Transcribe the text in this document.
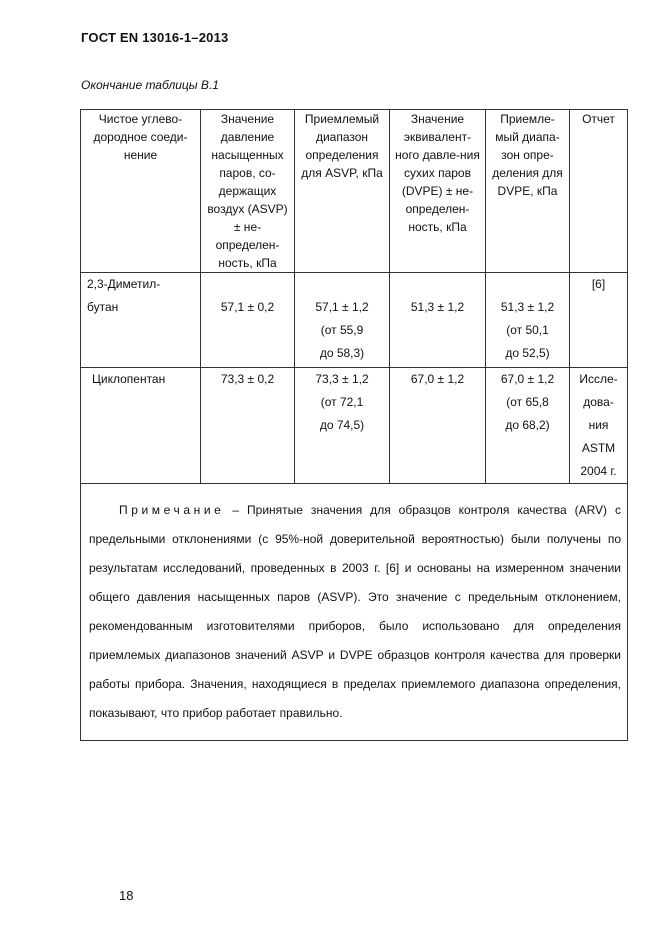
ГОСТ EN 13016-1–2013
Окончание таблицы В.1
Чистое углево-дородное соеди-нение	Значение давление насыщенных паров, со-держащих воздух (ASVP) ± не-определен-ность, кПа	Приемлемый диапазон определения для ASVP, кПа	Значение эквивалент-ного давле-ния сухих паров (DVPE) ± не-определен-ность, кПа	Приемле-мый диапа-зон опре-деления для DVPE, кПа	Отчет

2,3-Диметил-
бутан	57,1 ± 0,2	57,1 ± 1,2
(от 55,9
до 58,3)	51,3 ± 1,2	51,3 ± 1,2
(от 50,1
до 52,5)	[6]

Циклопентан	73,3 ± 0,2	73,3 ± 1,2
(от 72,1
до 74,5)	67,0 ± 1,2	67,0 ± 1,2
(от 65,8
до 68,2)	Иссле-
дова-
ния
ASTM
2004 г.

Примечание – Принятые значения для образцов контроля качества (ARV) с предельными отклонениями (с 95%-ной доверительной вероятностью) были получены по результатам исследований, проведенных в 2003 г. [6] и основаны на измеренном значении общего давления насыщенных паров (ASVP). Это значение с предельным отклонением, рекомендованным изготовителями приборов, было использовано для определения приемлемых диапазонов значений ASVP и DVPE образцов контроля качества для проверки работы прибора. Значения, находящиеся в пределах приемлемого диапазона определения, показывают, что прибор работает правильно.					
18
